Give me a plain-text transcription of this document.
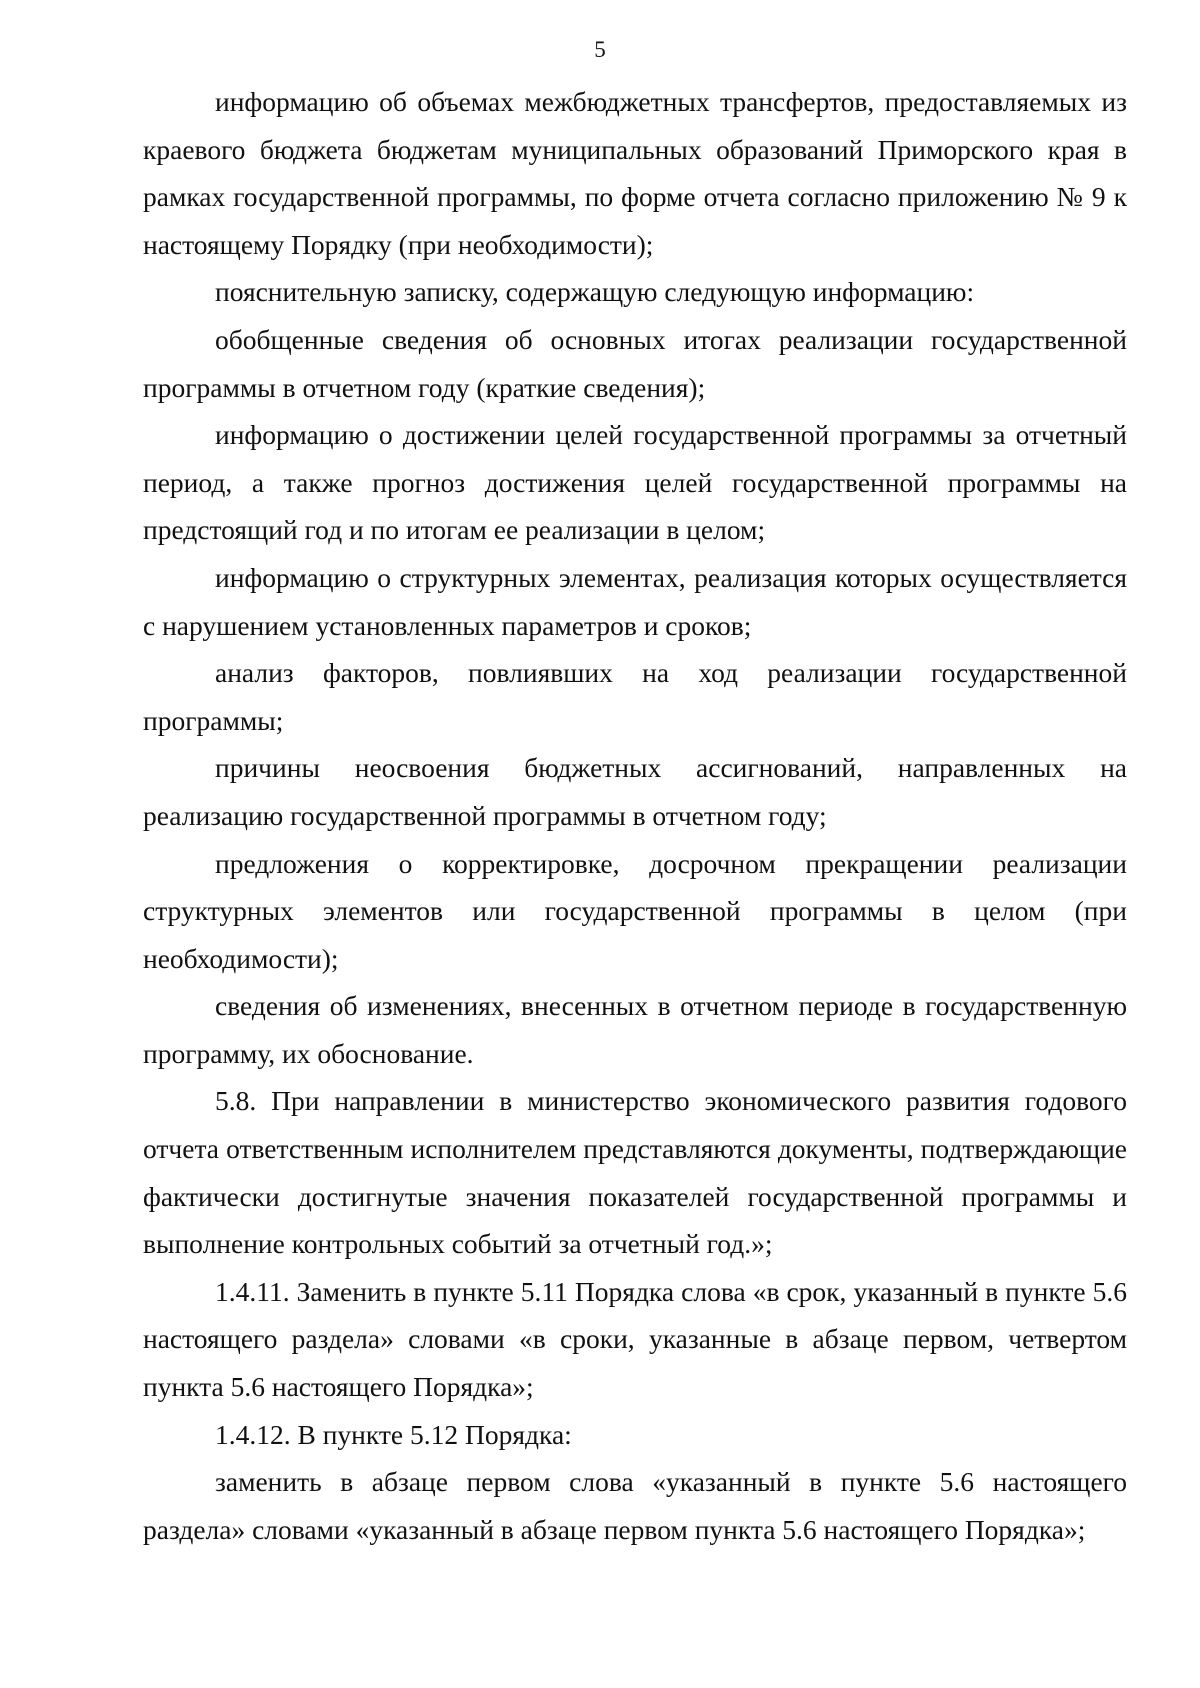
5

информацию об объемах межбюджетных трансфертов, предоставляемых из краевого бюджета бюджетам муниципальных образований Приморского края в рамках государственной программы, по форме отчета согласно приложению № 9 к настоящему Порядку (при необходимости);

пояснительную записку, содержащую следующую информацию:

обобщенные сведения об основных итогах реализации государственной программы в отчетном году (краткие сведения);

информацию о достижении целей государственной программы за отчетный период, а также прогноз достижения целей государственной программы на предстоящий год и по итогам ее реализации в целом;

информацию о структурных элементах, реализация которых осуществляется с нарушением установленных параметров и сроков;

анализ факторов, повлиявших на ход реализации государственной программы;

причины неосвоения бюджетных ассигнований, направленных на реализацию государственной программы в отчетном году;

предложения о корректировке, досрочном прекращении реализации структурных элементов или государственной программы в целом (при необходимости);

сведения об изменениях, внесенных в отчетном периоде в государственную программу, их обоснование.

5.8. При направлении в министерство экономического развития годового отчета ответственным исполнителем представляются документы, подтверждающие фактически достигнутые значения показателей государственной программы и выполнение контрольных событий за отчетный год.»;

1.4.11. Заменить в пункте 5.11 Порядка слова «в срок, указанный в пункте 5.6 настоящего раздела» словами «в сроки, указанные в абзаце первом, четвертом пункта 5.6 настоящего Порядка»;

1.4.12. В пункте 5.12 Порядка:

заменить в абзаце первом слова «указанный в пункте 5.6 настоящего раздела» словами «указанный в абзаце первом пункта 5.6 настоящего Порядка»;
